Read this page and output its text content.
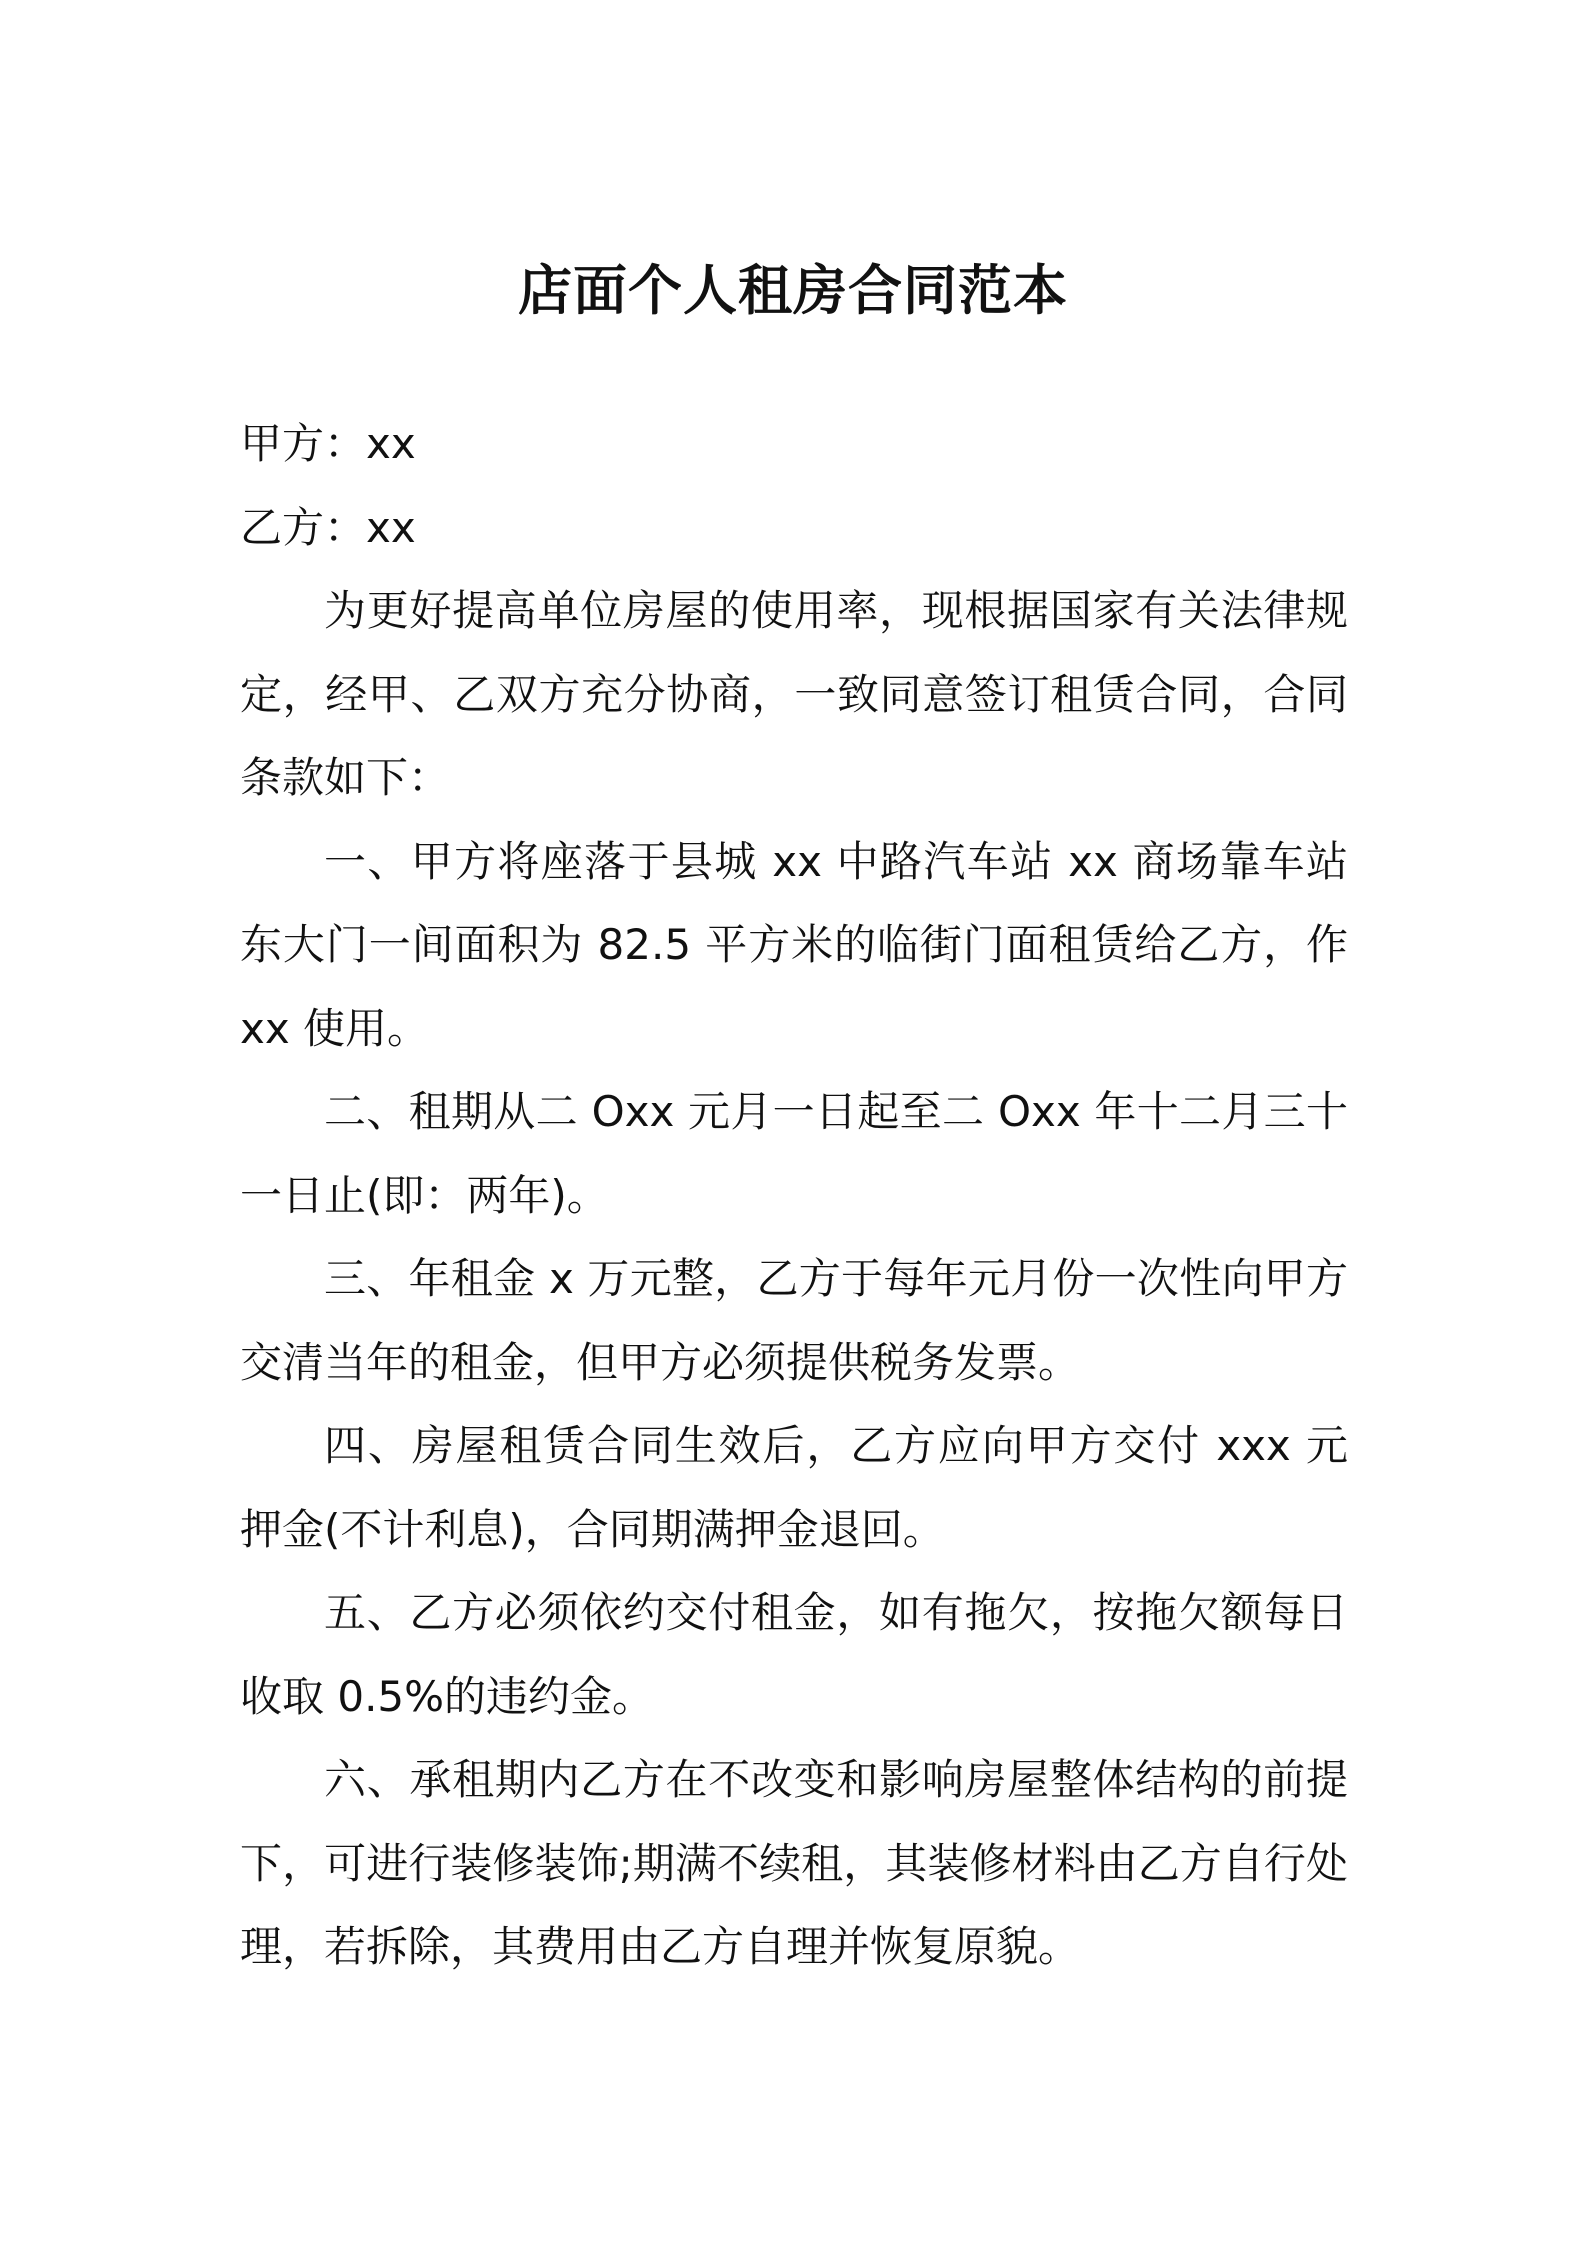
店面个人租房合同范本

甲方：xx

乙方：xx

为更好提高单位房屋的使用率，现根据国家有关法律规定，经甲、乙双方充分协商，一致同意签订租赁合同，合同条款如下：

一、甲方将座落于县城 xx 中路汽车站 xx 商场靠车站东大门一间面积为 82.5 平方米的临街门面租赁给乙方，作 xx 使用。

二、租期从二 Oxx 元月一日起至二 Oxx 年十二月三十一日止(即：两年)。

三、年租金 x 万元整，乙方于每年元月份一次性向甲方交清当年的租金，但甲方必须提供税务发票。

四、房屋租赁合同生效后，乙方应向甲方交付 xxx 元押金(不计利息)，合同期满押金退回。

五、乙方必须依约交付租金，如有拖欠，按拖欠额每日收取 0.5%的违约金。

六、承租期内乙方在不改变和影响房屋整体结构的前提下，可进行装修装饰;期满不续租，其装修材料由乙方自行处理，若拆除，其费用由乙方自理并恢复原貌。
